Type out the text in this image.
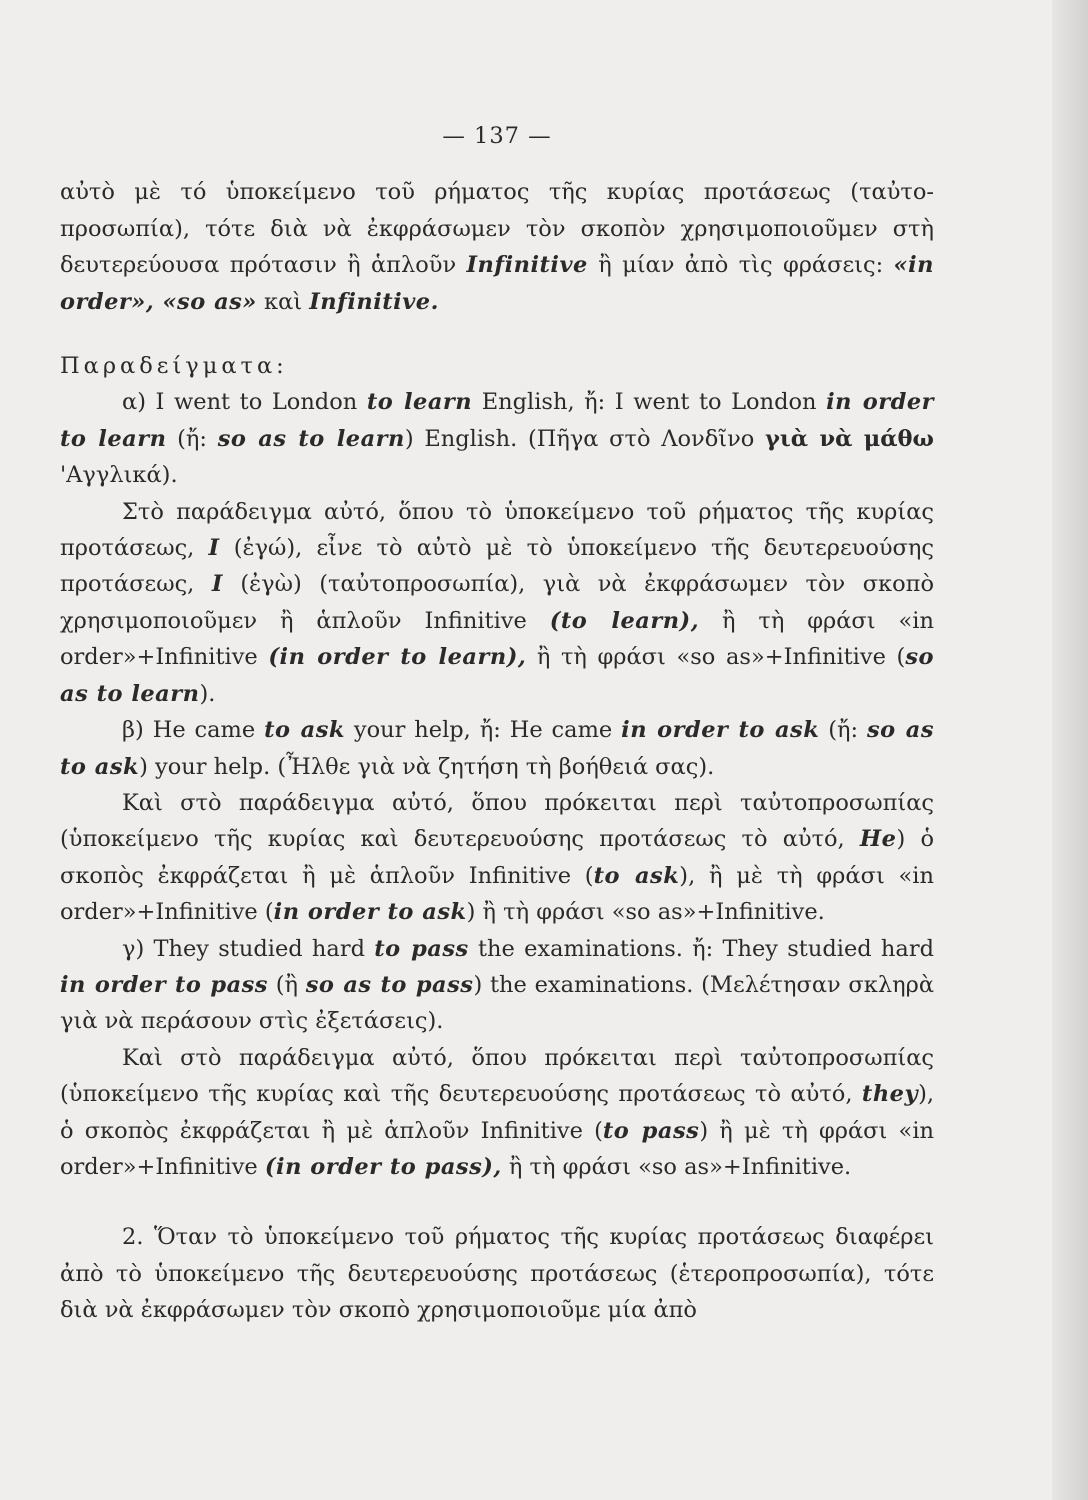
— 137 —

αὐτὸ μὲ τό ὑποκείμενο τοῦ ρήματος τῆς κυρίας προτάσεως (ταὐτο-προσωπία), τότε διὰ νὰ ἐκφράσωμεν τὸν σκοπὸν χρησιμοποιοῦμεν στὴ δευτερεύουσα πρότασιν ἢ ἁπλοῦν Infinitive ἢ μίαν ἀπὸ τὶς φράσεις: «in order», «so as» καὶ Infinitive.

Παραδείγματα:

α) I went to London to learn English, ἤ: I went to London in order to learn (ἤ: so as to learn) English. (Πῆγα στὸ Λονδῖνο γιὰ νὰ μάθω 'Αγγλικά).

Στὸ παράδειγμα αὐτό, ὅπου τὸ ὑποκείμενο τοῦ ρήματος τῆς κυρίας προτάσεως, I (ἐγώ), εἶνε τὸ αὐτὸ μὲ τὸ ὑποκείμενο τῆς δευτερευούσης προτάσεως, I (ἐγὼ) (ταὐτοπροσωπία), γιὰ νὰ ἐκφράσωμεν τὸν σκοπὸ χρησιμοποιοῦμεν ἢ ἁπλοῦν Infinitive (to learn), ἢ τὴ φράσι «in order»+Infinitive (in order to learn), ἢ τὴ φράσι «so as»+Infinitive (so as to learn).

β) He came to ask your help, ἤ: He came in order to ask (ἤ: so as to ask) your help. (Ἦλθε γιὰ νὰ ζητήση τὴ βοήθειά σας).

Καὶ στὸ παράδειγμα αὐτό, ὅπου πρόκειται περὶ ταὐτοπροσωπίας (ὑποκείμενο τῆς κυρίας καὶ δευτερευούσης προτάσεως τὸ αὐτό, He) ὁ σκοπὸς ἐκφράζεται ἢ μὲ ἁπλοῦν Infinitive (to ask), ἢ μὲ τὴ φράσι «in order»+Infinitive (in order to ask) ἢ τὴ φράσι «so as»+Infinitive.

γ) They studied hard to pass the examinations. ἤ: They studied hard in order to pass (ἢ so as to pass) the examinations. (Μελέτησαν σκληρὰ γιὰ νὰ περάσουν στὶς ἐξετάσεις).

Καὶ στὸ παράδειγμα αὐτό, ὅπου πρόκειται περὶ ταὐτοπροσωπίας (ὑποκείμενο τῆς κυρίας καὶ τῆς δευτερευούσης προτάσεως τὸ αὐτό, they), ὁ σκοπὸς ἐκφράζεται ἢ μὲ ἁπλοῦν Infinitive (to pass) ἢ μὲ τὴ φράσι «in order»+Infinitive (in order to pass), ἢ τὴ φράσι «so as»+Infinitive.

2. Ὅταν τὸ ὑποκείμενο τοῦ ρήματος τῆς κυρίας προτάσεως διαφέρει ἀπὸ τὸ ὑποκείμενο τῆς δευτερευούσης προτάσεως (ἑτεροπροσωπία), τότε διὰ νὰ ἐκφράσωμεν τὸν σκοπὸ χρησιμοποιοῦμε μία ἀπὸ
